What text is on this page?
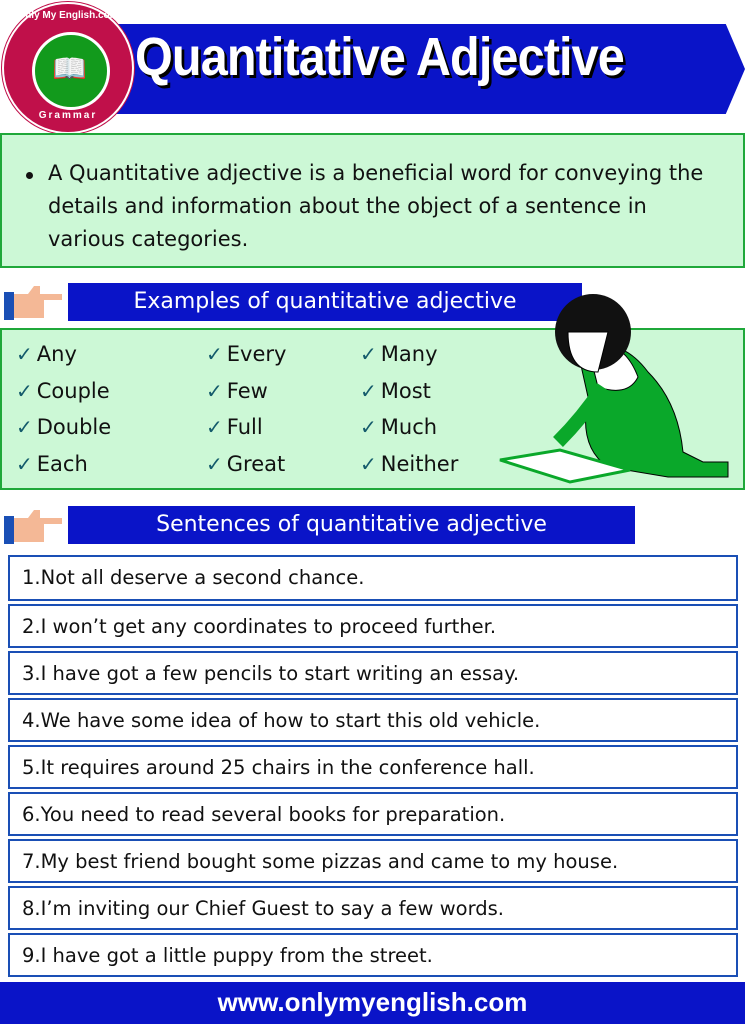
Quantitative Adjective
Only My English.com
📖
Grammar
A Quantitative adjective is a beneficial word for conveying the details and information about the object of a sentence in various categories.
Examples of quantitative adjective
✓ Any
✓ Couple
✓ Double
✓ Each
✓ Every
✓ Few
✓ Full
✓ Great
✓ Many
✓ Most
✓ Much
✓ Neither
Sentences of quantitative adjective
1.Not all deserve a second chance.
2.I won’t get any coordinates to proceed further.
3.I have got a few pencils to start writing an essay.
4.We have some idea of how to start this old vehicle.
5.It requires around 25 chairs in the conference hall.
6.You need to read several books for preparation.
7.My best friend bought some pizzas and came to my house.
8.I’m inviting our Chief Guest to say a few words.
9.I have got a little puppy from the street.
www.onlymyenglish.com
